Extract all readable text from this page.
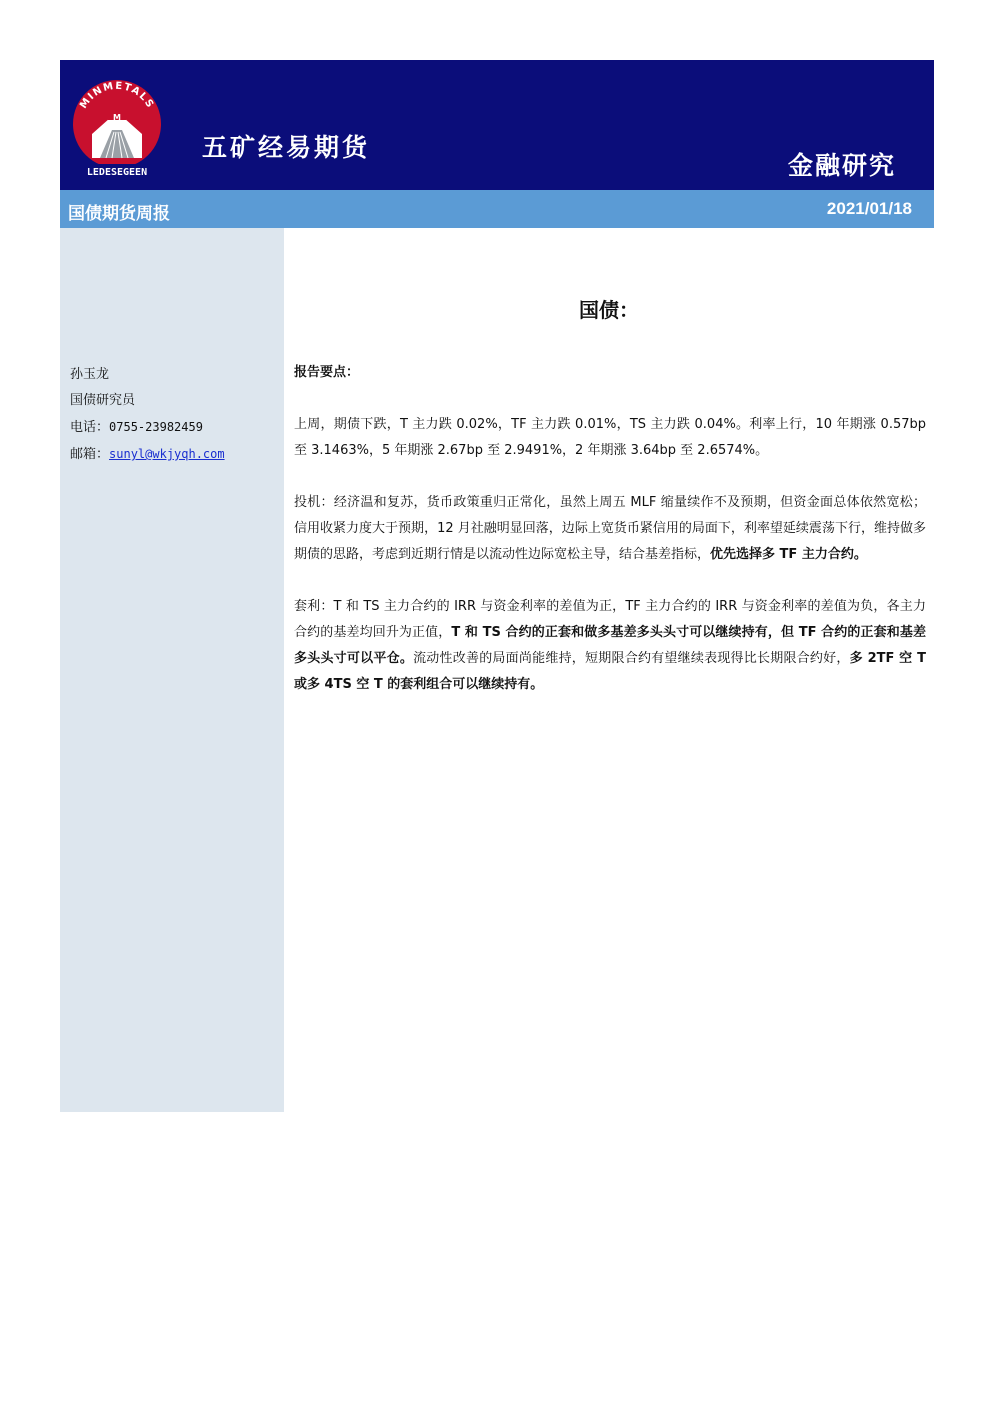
MINMETALS
M
LEDESEGEEN
五矿经易期货
金融研究
国债期货周报	2021/01/18
孙玉龙
国债研究员
电话：0755-23982459
邮箱：sunyl@wkjyqh.com
国债：
报告要点：

上周，期债下跌，T 主力跌 0.02%，TF 主力跌 0.01%，TS 主力跌 0.04%。利率上行，10 年期涨 0.57bp 至 3.1463%，5 年期涨 2.67bp 至 2.9491%，2 年期涨 3.64bp 至 2.6574%。

投机：经济温和复苏，货币政策重归正常化，虽然上周五 MLF 缩量续作不及预期，但资金面总体依然宽松；信用收紧力度大于预期，12 月社融明显回落，边际上宽货币紧信用的局面下，利率望延续震荡下行，维持做多期债的思路，考虑到近期行情是以流动性边际宽松主导，结合基差指标，优先选择多 TF 主力合约。

套利：T 和 TS 主力合约的 IRR 与资金利率的差值为正，TF 主力合约的 IRR 与资金利率的差值为负，各主力合约的基差均回升为正值，T 和 TS 合约的正套和做多基差多头头寸可以继续持有，但 TF 合约的正套和基差多头头寸可以平仓。流动性改善的局面尚能维持，短期限合约有望继续表现得比长期限合约好，多 2TF 空 T 或多 4TS 空 T 的套利组合可以继续持有。
